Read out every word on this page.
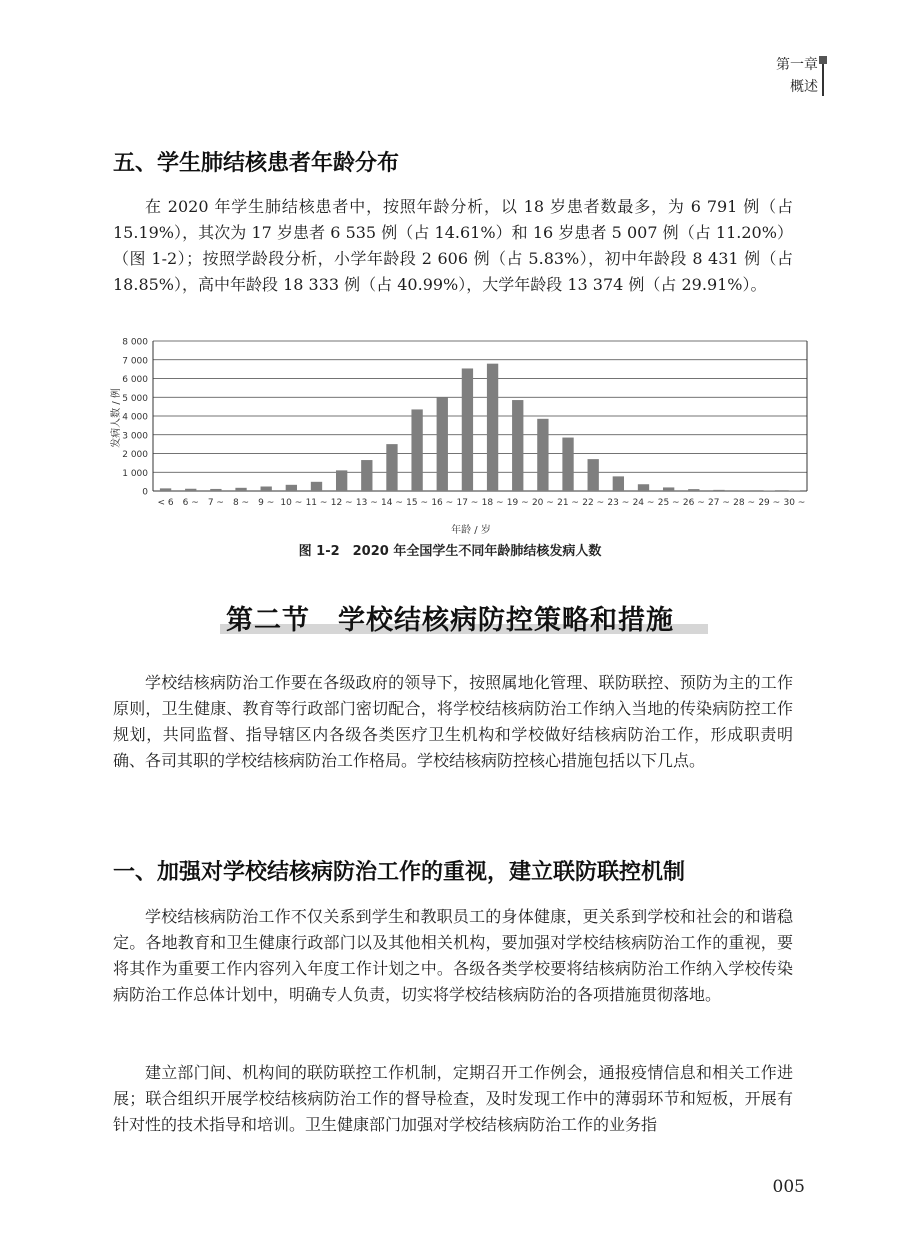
第一章
概述
五、学生肺结核患者年龄分布

在 2020 年学生肺结核患者中，按照年龄分析，以 18 岁患者数最多，为 6 791 例（占 15.19%），其次为 17 岁患者 6 535 例（占 14.61%）和 16 岁患者 5 007 例（占 11.20%）（图 1-2）；按照学龄段分析，小学年龄段 2 606 例（占 5.83%），初中年龄段 8 431 例（占 18.85%），高中年龄段 18 333 例（占 40.99%），大学年龄段 13 374 例（占 29.91%）。

0
1 000
2 000
3 000
4 000
5 000
6 000
7 000
8 000
< 6 6 ~ 7 ~ 8 ~ 9 ~ 10 ~ 11 ~ 12 ~ 13 ~ 14 ~ 15 ~ 16 ~ 17 ~ 18 ~ 19 ~ 20 ~ 21 ~ 22 ~ 23 ~ 24 ~ 25 ~ 26 ~ 27 ~ 28 ~ 29 ~ 30 ~
发病人数 / 例
年龄 / 岁
图 1-2　2020 年全国学生不同年龄肺结核发病人数
第二节　学校结核病防控策略和措施

学校结核病防治工作要在各级政府的领导下，按照属地化管理、联防联控、预防为主的工作原则，卫生健康、教育等行政部门密切配合，将学校结核病防治工作纳入当地的传染病防控工作规划，共同监督、指导辖区内各级各类医疗卫生机构和学校做好结核病防治工作，形成职责明确、各司其职的学校结核病防治工作格局。学校结核病防控核心措施包括以下几点。

一、加强对学校结核病防治工作的重视，建立联防联控机制

学校结核病防治工作不仅关系到学生和教职员工的身体健康，更关系到学校和社会的和谐稳定。各地教育和卫生健康行政部门以及其他相关机构，要加强对学校结核病防治工作的重视，要将其作为重要工作内容列入年度工作计划之中。各级各类学校要将结核病防治工作纳入学校传染病防治工作总体计划中，明确专人负责，切实将学校结核病防治的各项措施贯彻落地。

建立部门间、机构间的联防联控工作机制，定期召开工作例会，通报疫情信息和相关工作进展；联合组织开展学校结核病防治工作的督导检查，及时发现工作中的薄弱环节和短板，开展有针对性的技术指导和培训。卫生健康部门加强对学校结核病防治工作的业务指

005
